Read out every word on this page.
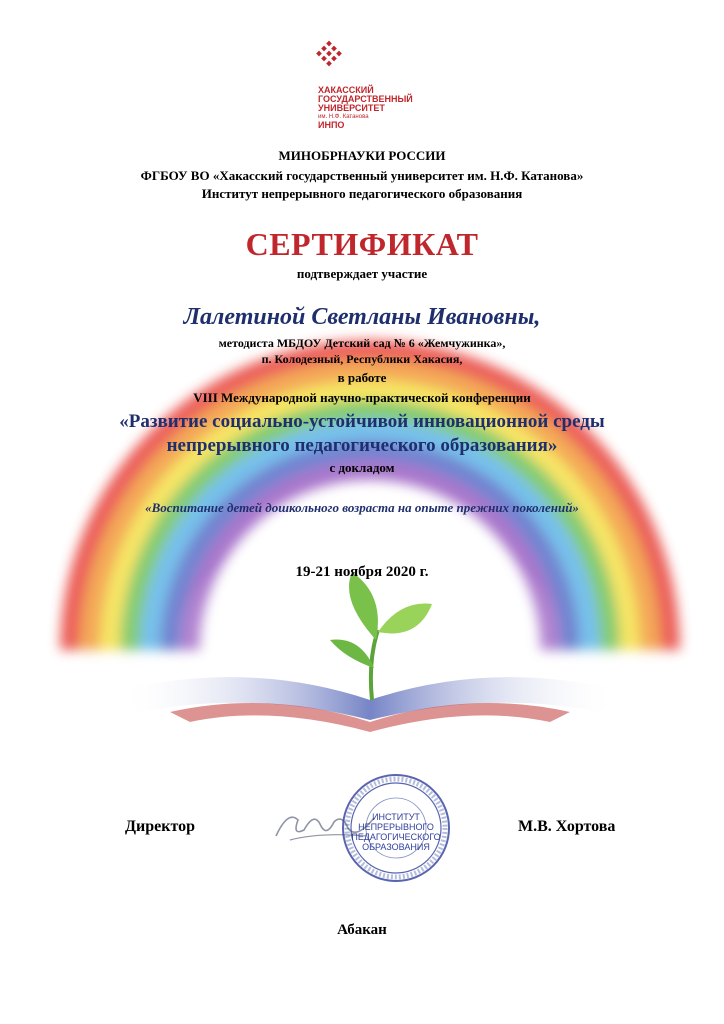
ХАКАССКИЙ
ГОСУДАРСТВЕННЫЙ
УНИВЕРСИТЕТ
им. Н.Ф. Катанова
ИНПО
МИНОБРНАУКИ РОССИИ
ФГБОУ ВО «Хакасский государственный университет им. Н.Ф. Катанова»
Институт непрерывного педагогического образования
СЕРТИФИКАТ
подтверждает участие
Лалетиной Светланы Ивановны,
методиста МБДОУ Детский сад № 6 «Жемчужинка»,
п. Колодезный, Республики Хакасия,
в работе
VIII Международной научно-практической конференции
«Развитие социально-устойчивой инновационной среды
непрерывного педагогического образования»
с докладом
«Воспитание детей дошкольного возраста на опыте прежних поколений»
19-21 ноября 2020 г.
Директор
ИНСТИТУТ
НЕПРЕРЫВНОГО
ПЕДАГОГИЧЕСКОГО
ОБРАЗОВАНИЯ
М.В. Хортова
Абакан
